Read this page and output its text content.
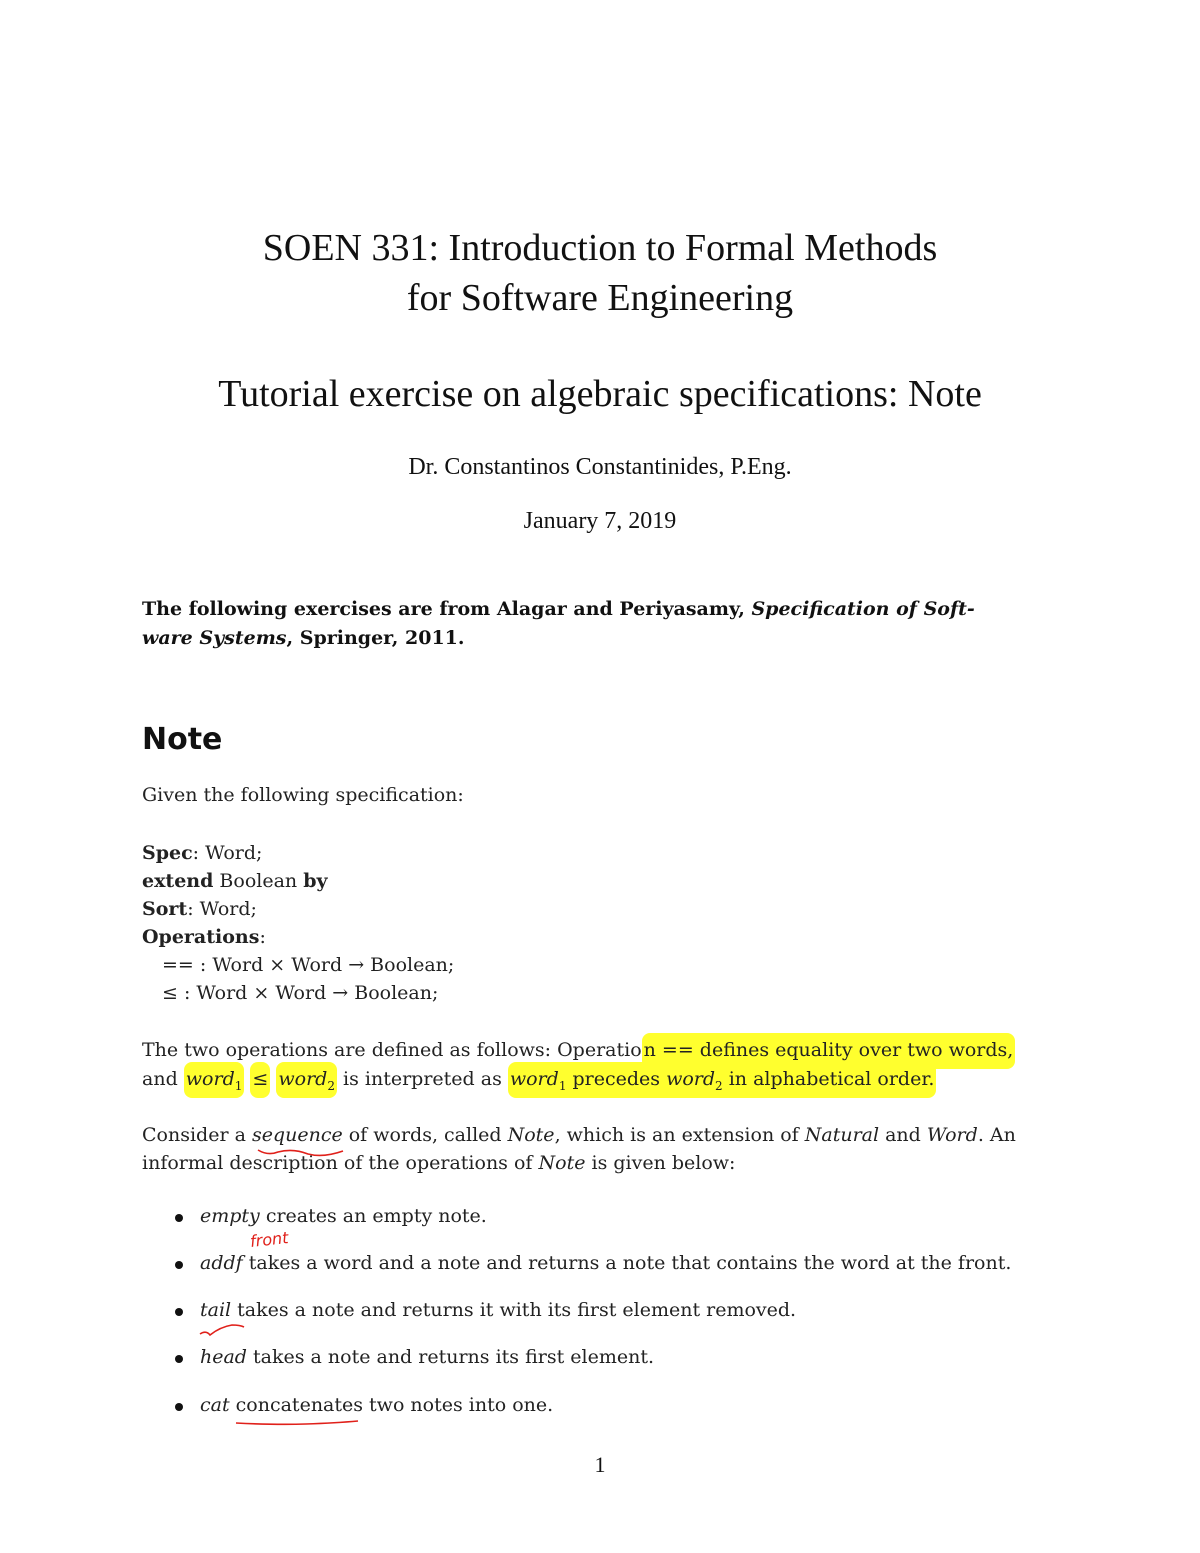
SOEN 331: Introduction to Formal Methods
for Software Engineering
Tutorial exercise on algebraic specifications: Note
Dr. Constantinos Constantinides, P.Eng.
January 7, 2019
The following exercises are from Alagar and Periyasamy, Specification of Soft-
ware Systems, Springer, 2011.
Note
Given the following specification:
Spec: Word;
extend Boolean by
Sort: Word;
Operations:
== : Word × Word → Boolean;
≤ : Word × Word → Boolean;
The two operations are defined as follows: Operatio n == defines equality over two words,
and word$_1$ ≤ word$_2$ is interpreted as word$_1$ precedes word$_2$ in alphabetical order.
Consider a sequence of words, called Note, which is an extension of Natural and Word. An
informal description of the operations of Note is given below:
empty creates an empty note.
addf takes a word and a note and returns a note that contains the word at the front.
tail takes a note and returns it with its first element removed.
head takes a note and returns its first element.
cat concatenates two notes into one.
front
1
